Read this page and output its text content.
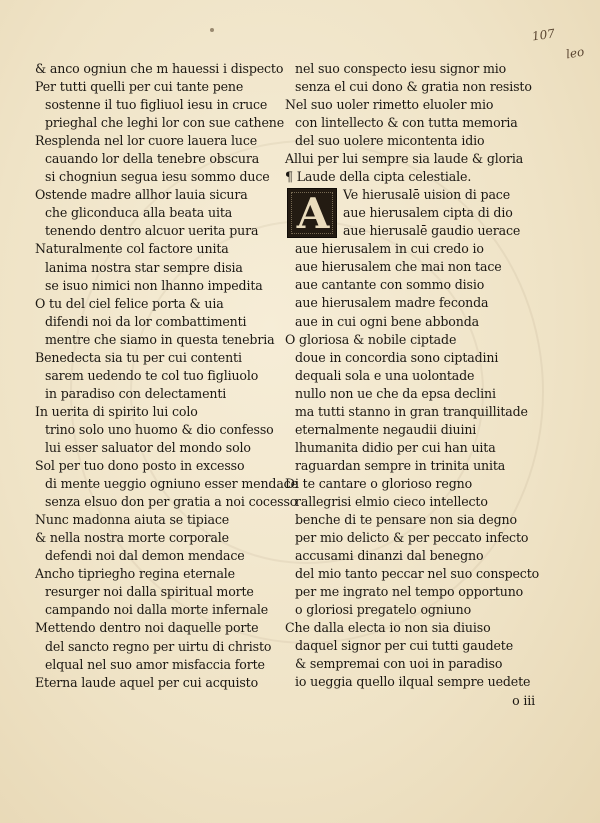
107
leo
& anco ogniun che m hauessi i dispecto
Per tutti quelli per cui tante pene
sostenne il tuo figliuol iesu in cruce
prieghal che leghi lor con sue cathene
Resplenda nel lor cuore lauera luce
cauando lor della tenebre obscura
si chogniun segua iesu sommo duce
Ostende madre allhor lauia sicura
che gliconduca alla beata uita
tenendo dentro alcuor uerita pura
Naturalmente col factore unita
lanima nostra star sempre disia
se isuo nimici non lhanno impedita
O tu del ciel felice porta & uia
difendi noi da lor combattimenti
mentre che siamo in questa tenebria
Benedecta sia tu per cui contenti
sarem uedendo te col tuo figliuolo
in paradiso con delectamenti
In uerita di spirito lui colo
trino solo uno huomo & dio confesso
lui esser saluator del mondo solo
Sol per tuo dono posto in excesso
di mente ueggio ogniuno esser mendace
senza elsuo don per gratia a noi cocesso
Nunc madonna aiuta se tipiace
& nella nostra morte corporale
defendi noi dal demon mendace
Ancho tipriegho regina eternale
resurger noi dalla spiritual morte
campando noi dalla morte infernale
Mettendo dentro noi daquelle porte
del sancto regno per uirtu di christo
elqual nel suo amor misfaccia forte
Eterna laude aquel per cui acquisto
nel suo conspecto iesu signor mio
senza el cui dono & gratia non resisto
Nel suo uoler rimetto eluoler mio
con lintellecto & con tutta memoria
del suo uolere micontenta idio
Allui per lui sempre sia laude & gloria
¶ Laude della cipta celestiale.
A	Ve hierusalē uision di pace
aue hierusalem cipta di dio
aue hierusalē gaudio uerace
aue hierusalem in cui credo io
aue hierusalem che mai non tace
aue cantante con sommo disio
aue hierusalem madre feconda
aue in cui ogni bene abbonda
O gloriosa & nobile ciptade
doue in concordia sono ciptadini
dequali sola e una uolontade
nullo non ue che da epsa declini
ma tutti stanno in gran tranquillitade
eternalmente negaudii diuini
lhumanita didio per cui han uita
raguardan sempre in trinita unita
Di te cantare o glorioso regno
rallegrisi elmio cieco intellecto
benche di te pensare non sia degno
per mio delicto & per peccato infecto
accusami dinanzi dal benegno
del mio tanto peccar nel suo conspecto
per me ingrato nel tempo opportuno
o gloriosi pregatelo ogniuno
Che dalla electa io non sia diuiso
daquel signor per cui tutti gaudete
& sempremai con uoi in paradiso
io ueggia quello ilqual sempre uedete
o iii
